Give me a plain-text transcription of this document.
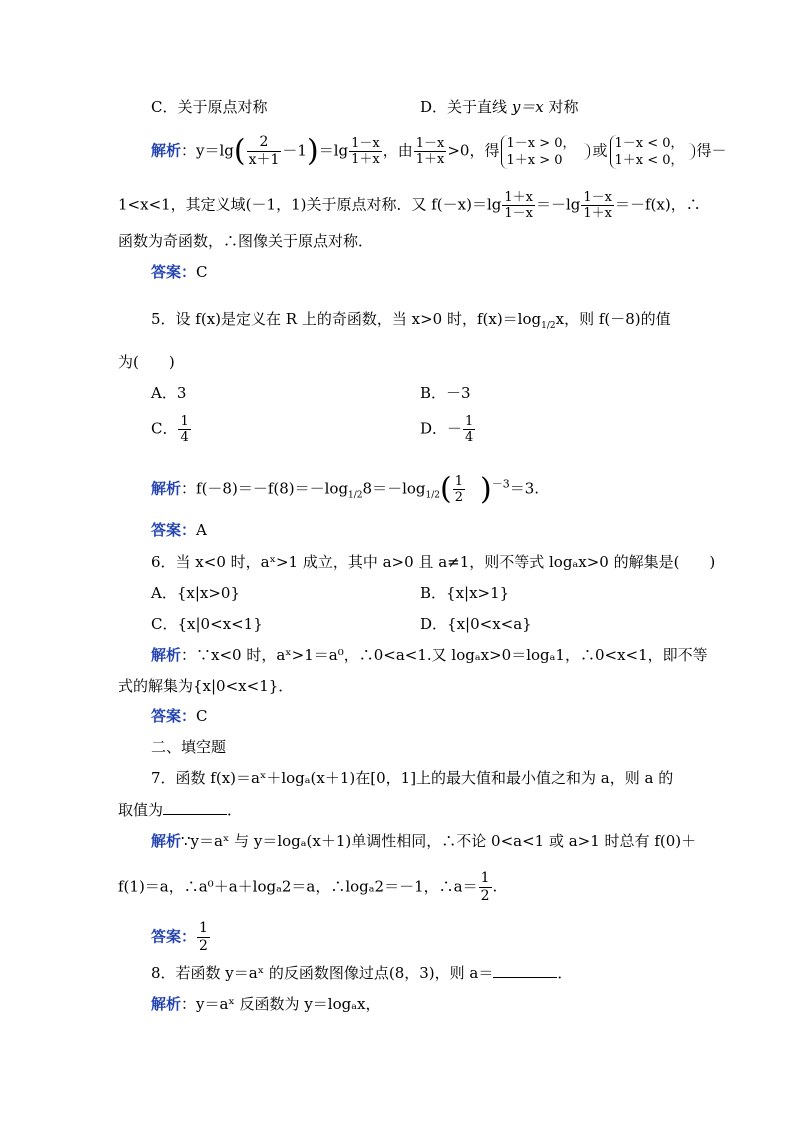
C．关于原点对称	D．关于直线 y＝x 对称
解析：$y=\lg( \frac{2}{x+1} -1)=\lg \frac{1-x}{1+x}$ ，由 $\frac{1-x}{1+x} >0$，得 1－x > 0，
1＋x > 0 或 1－x < 0，
1＋x < 0， 得－
1<x<1，其定义域(－1，1)关于原点对称．又 $f(-x)=\lg \frac{1+x}{1-x} =-\lg \frac{1-x}{1+x} =-f(x)$，∴
函数为奇函数，∴图像关于原点对称．
答案：C
5．设 f(x)是定义在 R 上的奇函数，当 x>0 时，$f(x)=\log_{1/2}x$，则 f(－8)的值
为(　　)
A．3	B．－3
C． $\frac{1}{4}$	D．－ $\frac{1}{4}$
解析：$f(-8)=-f(8)=-\log_{1/2}8=-\log_{1/2}( \frac{1}{2} )^{-3}=3$.
答案：A
6．当 x<0 时，aˣ>1 成立，其中 a>0 且 a≠1，则不等式 logₐx>0 的解集是(　　)
A．{x|x>0}	B．{x|x>1}
C．{x|0<x<1}	D．{x|0<x<a}
解析：∵x<0 时，aˣ>1＝a⁰，∴0<a<1.又 logₐx>0＝logₐ1，∴0<x<1，即不等
式的解集为{x|0<x<1}．
答案：C
二、填空题
7．函数 f(x)＝aˣ＋logₐ(x＋1)在[0，1]上的最大值和最小值之和为 a，则 a 的
取值为	．
解析∵y＝aˣ 与 y＝logₐ(x＋1)单调性相同，∴不论 0<a<1 或 a>1 时总有 f(0)＋
f(1)＝a，∴a⁰＋a＋logₐ2＝a，∴logₐ2＝－1，∴a＝ $\frac{1}{2}$ .
答案： $\frac{1}{2}$
8．若函数 y＝aˣ 的反函数图像过点(8，3)，则 a＝	．
解析：y＝aˣ 反函数为 y＝logₐx，
